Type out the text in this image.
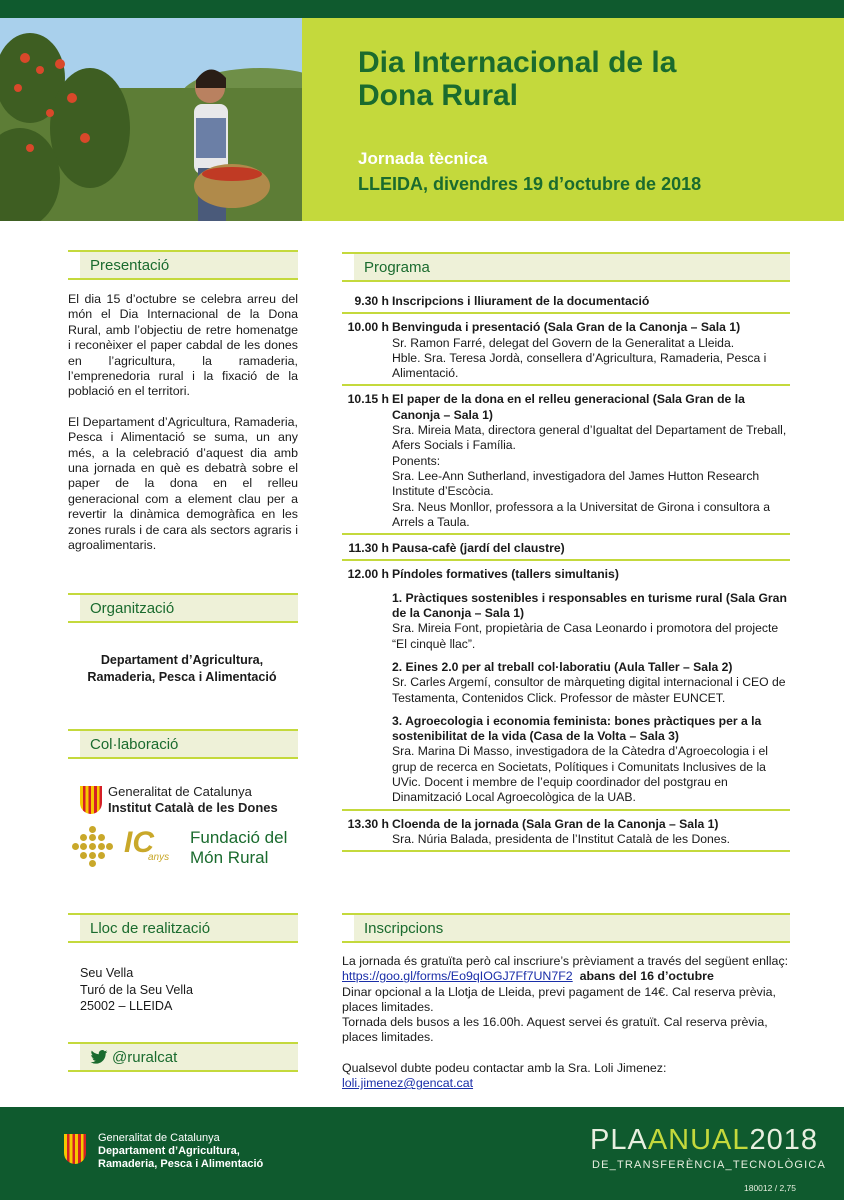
Dia Internacional de la
Dona Rural
Jornada tècnica
LLEIDA, divendres 19 d’octubre de 2018
Presentació
El dia 15 d’octubre se celebra arreu del món el Dia Internacional de la Dona Rural, amb l’objectiu de retre homenatge i reconèixer el paper cabdal de les dones en l’agricultura, la ramaderia, l’emprenedoria rural i la fixació de la població en el territori.
El Departament d’Agricultura, Ramaderia, Pesca i Alimentació se suma, un any més, a la celebració d’aquest dia amb una jornada en què es debatrà sobre el paper de la dona en el relleu generacional com a element clau per a revertir la dinàmica demogràfica en les zones rurals i de cara als sectors agraris i agroalimentaris.
Organització
Departament d’Agricultura,
Ramaderia, Pesca i Alimentació
Col·laboració
Generalitat de Catalunya
Institut Català de les Dones
IC
anys
Fundació del
Món Rural
Lloc de realització
Seu Vella
Turó de la Seu Vella
25002 – LLEIDA
@ruralcat
Programa
9.30 h Inscripcions i lliurament de la documentació
10.00 h Benvinguda i presentació (Sala Gran de la Canonja – Sala 1)
Sr. Ramon Farré, delegat del Govern de la Generalitat a Lleida.
Hble. Sra. Teresa Jordà, consellera d’Agricultura, Ramaderia, Pesca i Alimentació.
10.15 h El paper de la dona en el relleu generacional (Sala Gran de la Canonja – Sala 1)
Sra. Mireia Mata, directora general d’Igualtat del Departament de Treball, Afers Socials i Família.
Ponents:
Sra. Lee-Ann Sutherland, investigadora del James Hutton Research Institute d’Escòcia.
Sra. Neus Monllor, professora a la Universitat de Girona i consultora a Arrels a Taula.
11.30 h Pausa-cafè (jardí del claustre)
12.00 h Píndoles formatives (tallers simultanis)
1. Pràctiques sostenibles i responsables en turisme rural (Sala Gran de la Canonja – Sala 1)
Sra. Mireia Font, propietària de Casa Leonardo i promotora del projecte “El cinquè llac”.
2. Eines 2.0 per al treball col·laboratiu (Aula Taller – Sala 2)
Sr. Carles Argemí, consultor de màrqueting digital internacional i CEO de Testamenta, Contenidos Click. Professor de màster EUNCET.
3. Agroecologia i economia feminista: bones pràctiques per a la sostenibilitat de la vida (Casa de la Volta – Sala 3)
Sra. Marina Di Masso, investigadora de la Càtedra d’Agroecologia i el grup de recerca en Societats, Polítiques i Comunitats Inclusives de la UVic. Docent i membre de l’equip coordinador del postgrau en Dinamització Local Agroecològica de la UAB.
13.30 h Cloenda de la jornada (Sala Gran de la Canonja – Sala 1)
Sra. Núria Balada, presidenta de l’Institut Català de les Dones.
Inscripcions
La jornada és gratuïta però cal inscriure’s prèviament a través del següent enllaç: https://goo.gl/forms/Eo9qIOGJ7Ff7UN7F2 abans del 16 d’octubre
Dinar opcional a la Llotja de Lleida, previ pagament de 14€. Cal reserva prèvia, places limitades.
Tornada dels busos a les 16.00h. Aquest servei és gratuït. Cal reserva prèvia, places limitades.
Qualsevol dubte podeu contactar amb la Sra. Loli Jimenez:
loli.jimenez@gencat.cat
Generalitat de Catalunya
Departament d’Agricultura,
Ramaderia, Pesca i Alimentació
PLAANUAL2018
DE_TRANSFERÈNCIA_TECNOLÒGICA
180012 / 2,75
